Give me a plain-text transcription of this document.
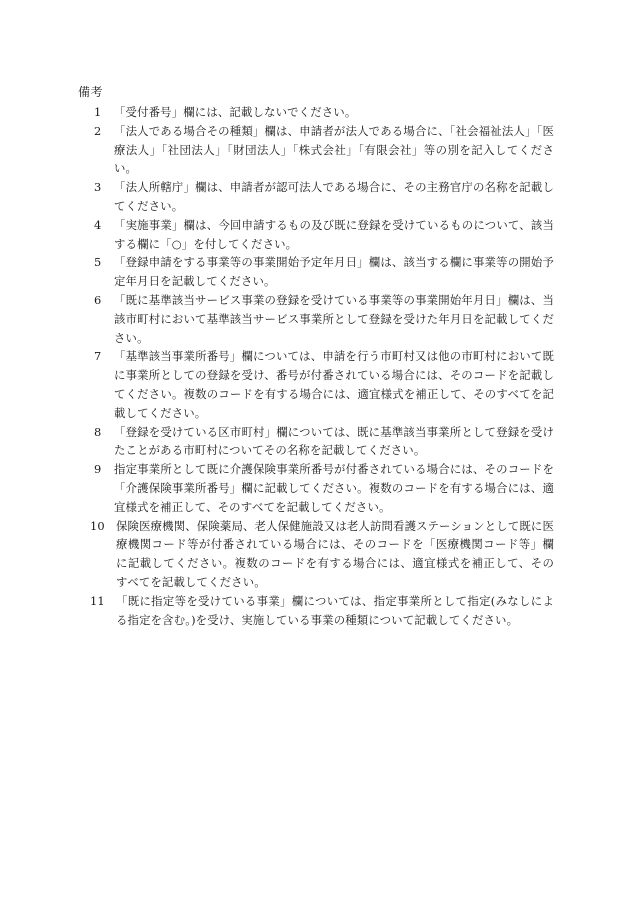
備考
1	「受付番号」欄には、記載しないでください。
2	「法人である場合その種類」欄は、申請者が法人である場合に、「社会福祉法人」「医療法人」「社団法人」「財団法人」「株式会社」「有限会社」等の別を記入してください。
3	「法人所轄庁」欄は、申請者が認可法人である場合に、その主務官庁の名称を記載してください。
4	「実施事業」欄は、今回申請するもの及び既に登録を受けているものについて、該当する欄に「○」を付してください。
5	「登録申請をする事業等の事業開始予定年月日」欄は、該当する欄に事業等の開始予定年月日を記載してください。
6	「既に基準該当サービス事業の登録を受けている事業等の事業開始年月日」欄は、当該市町村において基準該当サービス事業所として登録を受けた年月日を記載してください。
7	「基準該当事業所番号」欄については、申請を行う市町村又は他の市町村において既に事業所としての登録を受け、番号が付番されている場合には、そのコードを記載してください。複数のコードを有する場合には、適宜様式を補正して、そのすべてを記載してください。
8	「登録を受けている区市町村」欄については、既に基準該当事業所として登録を受けたことがある市町村についてその名称を記載してください。
9	指定事業所として既に介護保険事業所番号が付番されている場合には、そのコードを「介護保険事業所番号」欄に記載してください。複数のコードを有する場合には、適宜様式を補正して、そのすべてを記載してください。
10 保険医療機関、保険薬局、老人保健施設又は老人訪問看護ステーションとして既に医療機関コード等が付番されている場合には、そのコードを「医療機関コード等」欄に記載してください。複数のコードを有する場合には、適宜様式を補正して、そのすべてを記載してください。
11 「既に指定等を受けている事業」欄については、指定事業所として指定(みなしによる指定を含む。)を受け、実施している事業の種類について記載してください。
